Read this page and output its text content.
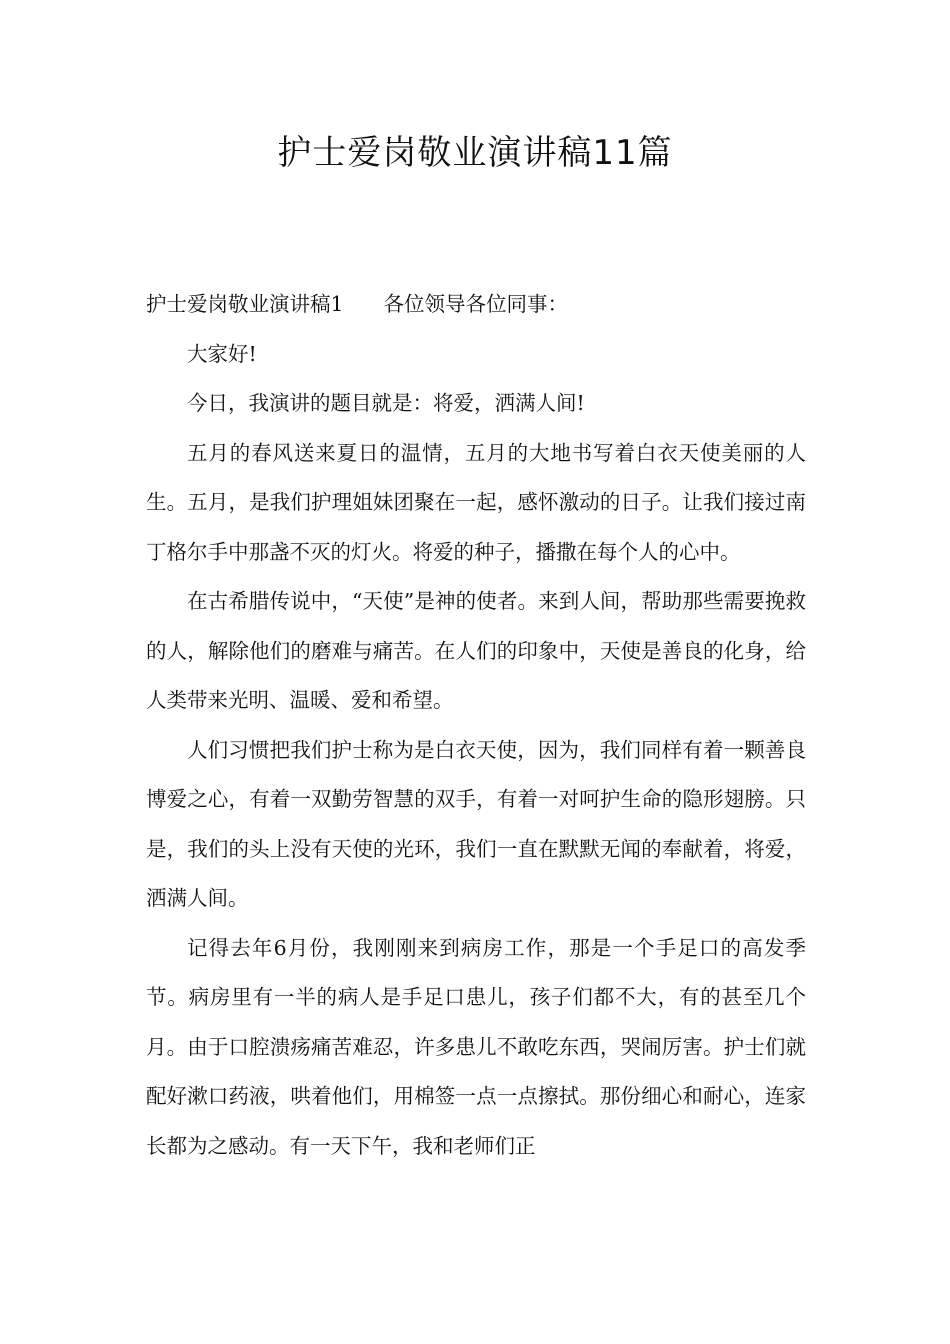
护士爱岗敬业演讲稿11篇

护士爱岗敬业演讲稿1 各位领导各位同事：

大家好!

今日，我演讲的题目就是：将爱，洒满人间!

五月的春风送来夏日的温情，五月的大地书写着白衣天使美丽的人生。五月，是我们护理姐妹团聚在一起，感怀激动的日子。让我们接过南丁格尔手中那盏不灭的灯火。将爱的种子，播撒在每个人的心中。

在古希腊传说中，“天使”是神的使者。来到人间，帮助那些需要挽救的人，解除他们的磨难与痛苦。在人们的印象中，天使是善良的化身，给人类带来光明、温暖、爱和希望。

人们习惯把我们护士称为是白衣天使，因为，我们同样有着一颗善良博爱之心，有着一双勤劳智慧的双手，有着一对呵护生命的隐形翅膀。只是，我们的头上没有天使的光环，我们一直在默默无闻的奉献着，将爱，洒满人间。

记得去年6月份，我刚刚来到病房工作，那是一个手足口的高发季节。病房里有一半的病人是手足口患儿，孩子们都不大，有的甚至几个月。由于口腔溃疡痛苦难忍，许多患儿不敢吃东西，哭闹厉害。护士们就配好漱口药液，哄着他们，用棉签一点一点擦拭。那份细心和耐心，连家长都为之感动。有一天下午，我和老师们正
